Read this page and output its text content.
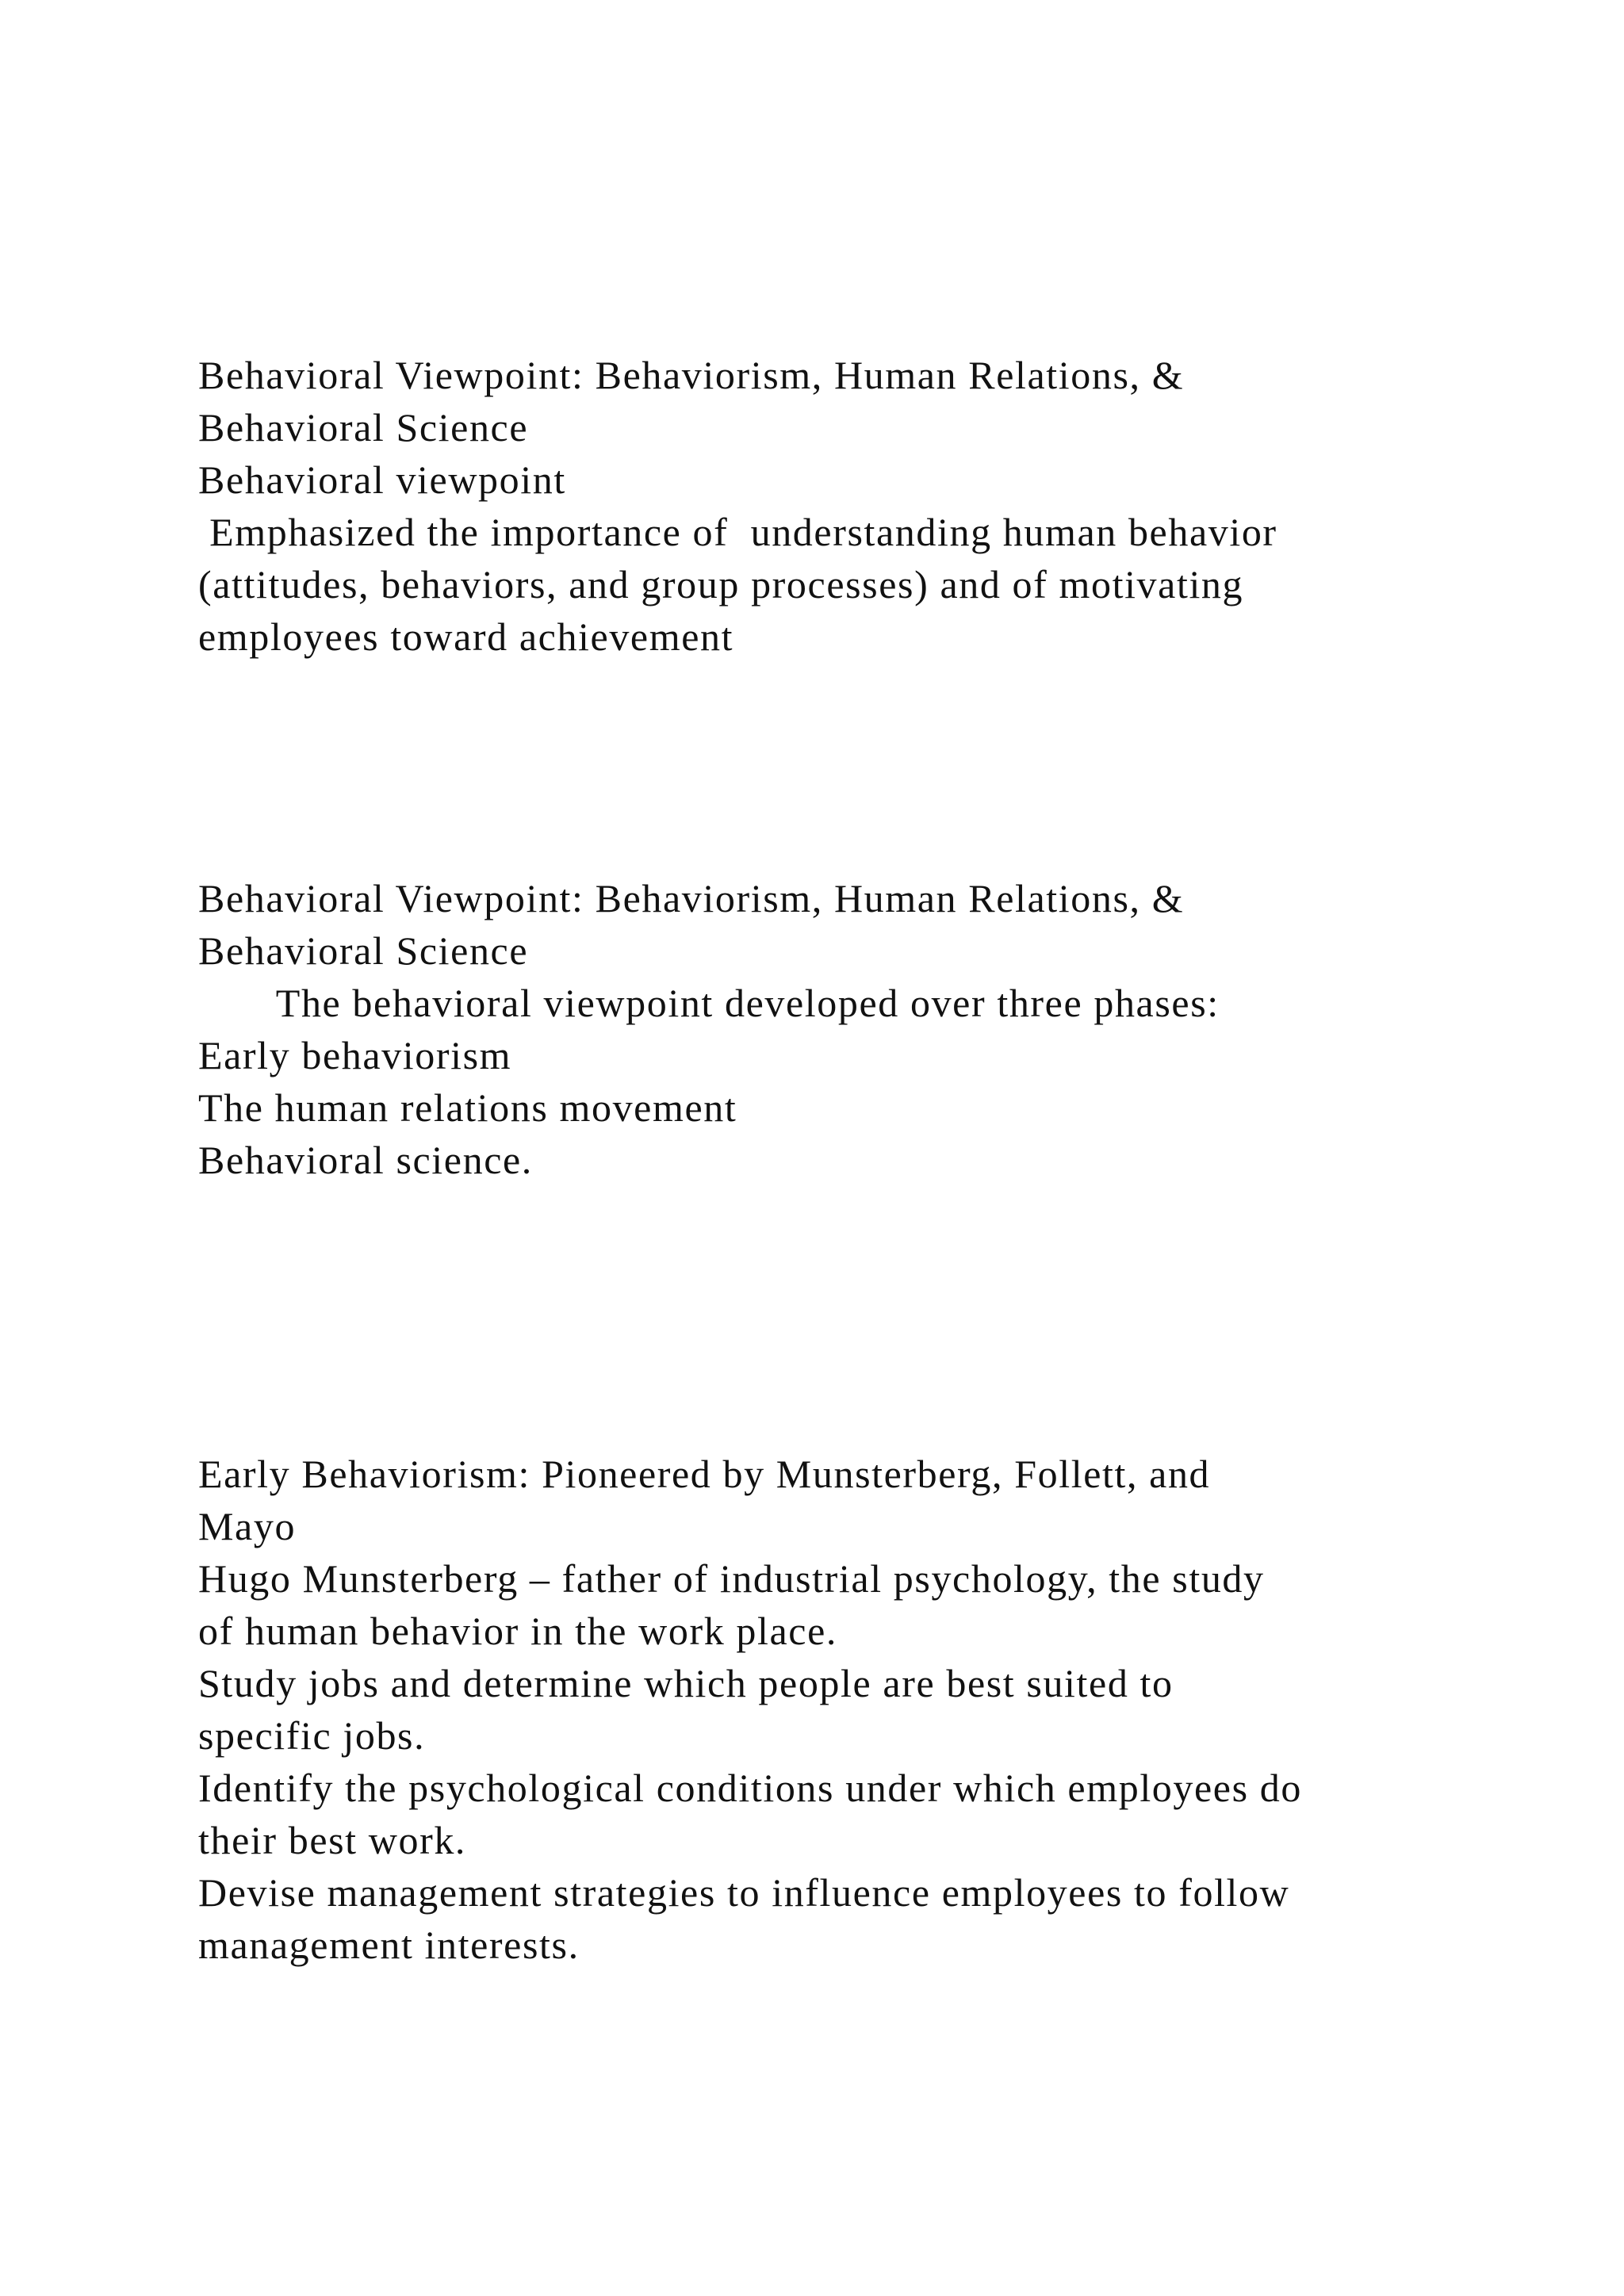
Behavioral Viewpoint: Behaviorism, Human Relations, &
Behavioral Science
Behavioral viewpoint
Emphasized the importance of  understanding human behavior
(attitudes, behaviors, and group processes) and of motivating
employees toward achievement
Behavioral Viewpoint: Behaviorism, Human Relations, &
Behavioral Science
The behavioral viewpoint developed over three phases:
Early behaviorism
The human relations movement
Behavioral science.
Early Behaviorism: Pioneered by Munsterberg, Follett, and
Mayo
Hugo Munsterberg – father of industrial psychology, the study
of human behavior in the work place.
Study jobs and determine which people are best suited to
specific jobs.
Identify the psychological conditions under which employees do
their best work.
Devise management strategies to influence employees to follow
management interests.
